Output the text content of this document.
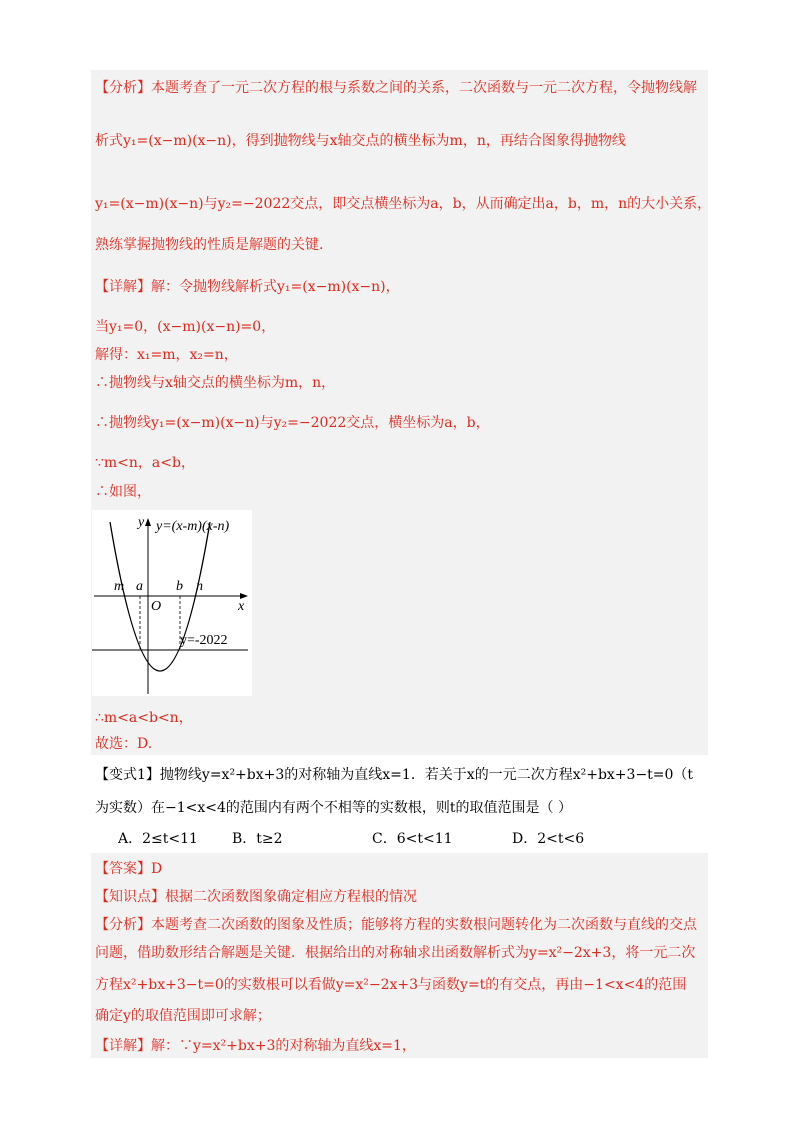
【分析】本题考查了一元二次方程的根与系数之间的关系，二次函数与一元二次方程，令抛物线解
析式y₁=(x−m)(x−n)，得到抛物线与x轴交点的横坐标为m，n，再结合图象得抛物线
y₁=(x−m)(x−n)与y₂=−2022交点，即交点横坐标为a，b，从而确定出a，b，m，n的大小关系，
熟练掌握抛物线的性质是解题的关键.
【详解】解：令抛物线解析式y₁=(x−m)(x−n)，
当y₁=0，(x−m)(x−n)=0，
解得：x₁=m，x₂=n，
∴抛物线与x轴交点的横坐标为m，n，
∴抛物线y₁=(x−m)(x−n)与y₂=−2022交点，横坐标为a，b，
∵m<n，a<b，
∴如图，
y y=(x-m)(x-n)
m a b n
O	x
y=-2022
∴m<a<b<n，
故选：D.
【变式1】抛物线y=x²+bx+3的对称轴为直线x=1．若关于x的一元二次方程x²+bx+3−t=0（t
为实数）在−1<x<4的范围内有两个不相等的实数根，则t的取值范围是（ ）
A．2≤t<11 B．t≥2	C．6<t<11	D．2<t<6
【答案】D
【知识点】根据二次函数图象确定相应方程根的情况
【分析】本题考查二次函数的图象及性质；能够将方程的实数根问题转化为二次函数与直线的交点
问题，借助数形结合解题是关键．根据给出的对称轴求出函数解析式为y=x²−2x+3，将一元二次
方程x²+bx+3−t=0的实数根可以看做y=x²−2x+3与函数y=t的有交点，再由−1<x<4的范围
确定y的取值范围即可求解；
【详解】解：∵y=x²+bx+3的对称轴为直线x=1，
